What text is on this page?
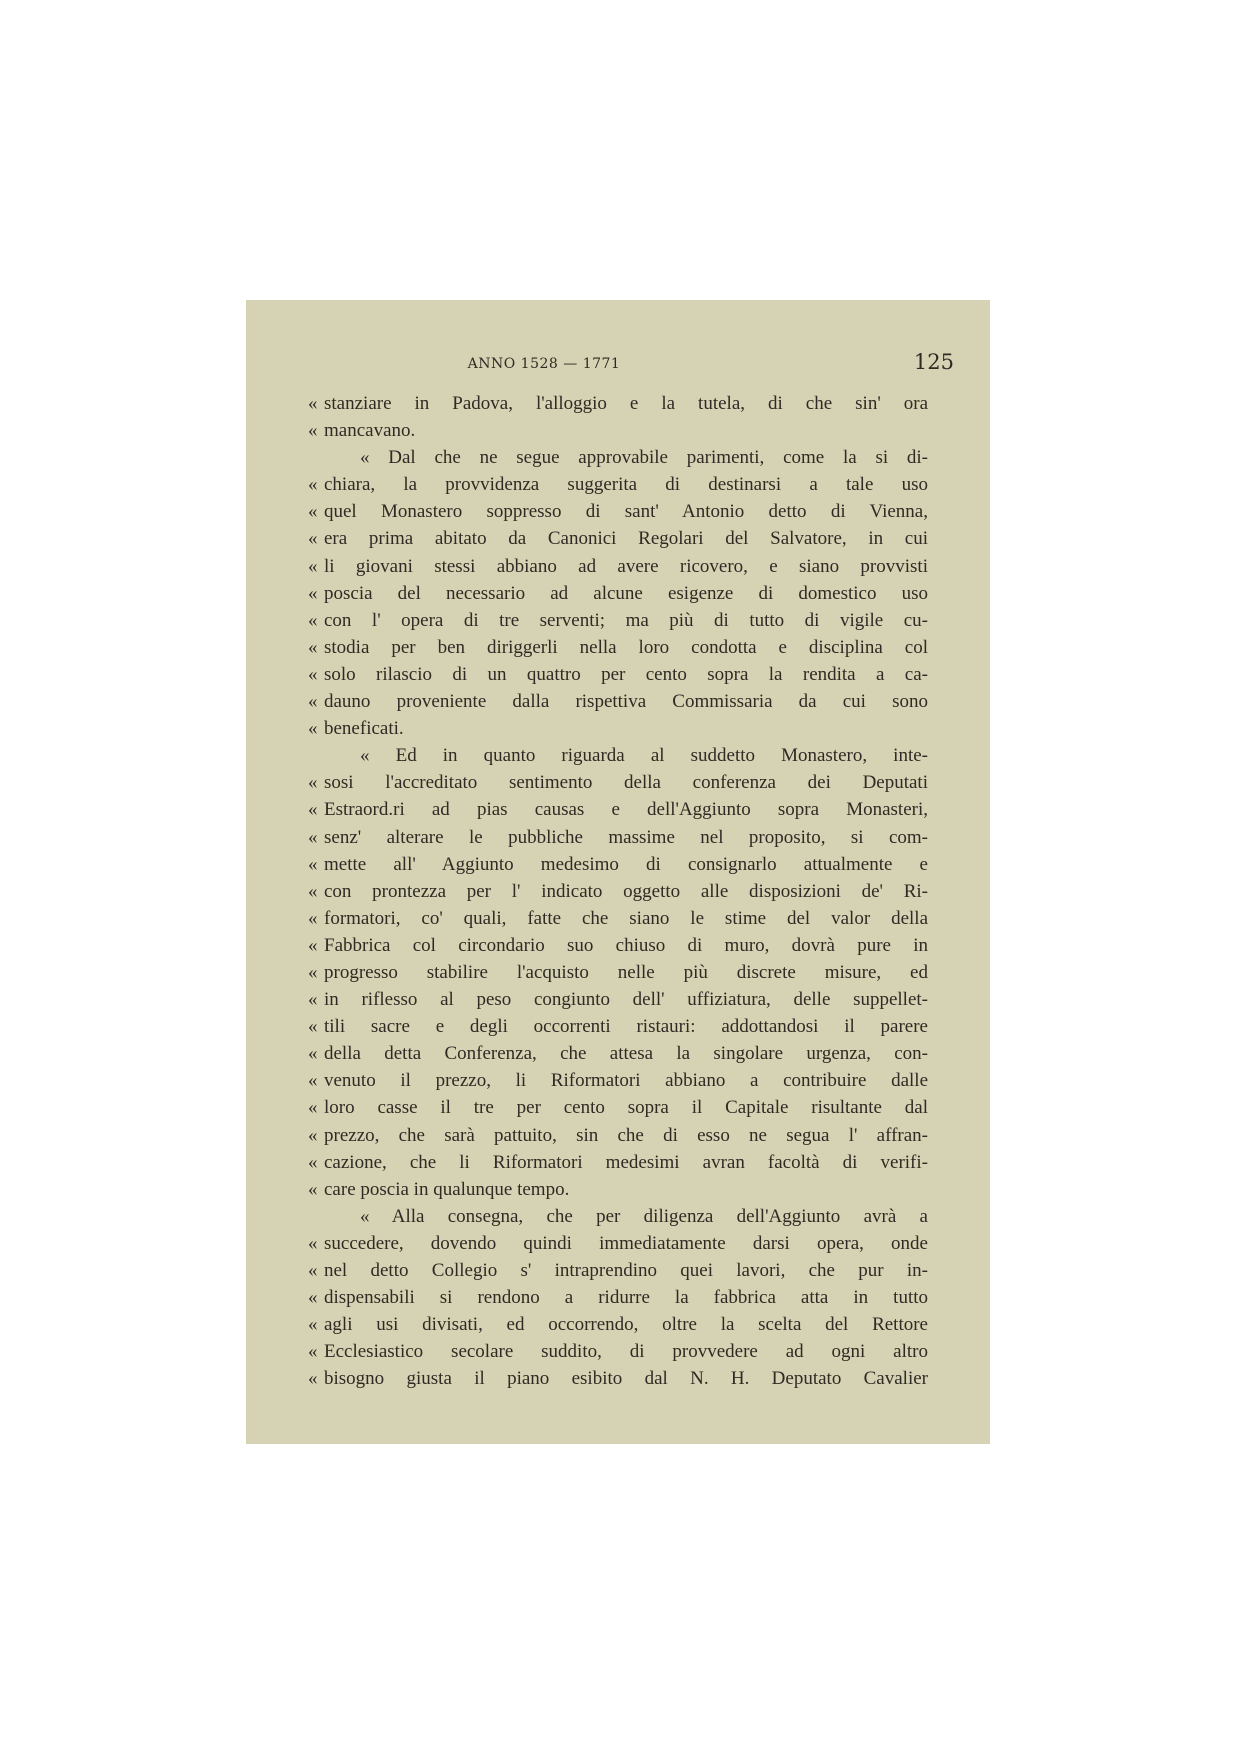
ANNO 1528 — 1771	125
« stanziare in Padova, l'alloggio e la tutela, di che sin' ora
« mancavano.
« Dal che ne segue approvabile parimenti, come la si di-
« chiara, la provvidenza suggerita di destinarsi a tale uso
« quel Monastero soppresso di sant' Antonio detto di Vienna,
« era prima abitato da Canonici Regolari del Salvatore, in cui
« li giovani stessi abbiano ad avere ricovero, e siano provvisti
« poscia del necessario ad alcune esigenze di domestico uso
« con l' opera di tre serventi; ma più di tutto di vigile cu-
« stodia per ben diriggerli nella loro condotta e disciplina col
« solo rilascio di un quattro per cento sopra la rendita a ca-
« dauno proveniente dalla rispettiva Commissaria da cui sono
« beneficati.
« Ed in quanto riguarda al suddetto Monastero, inte-
« sosi l'accreditato sentimento della conferenza dei Deputati
« Estraord.ri ad pias causas e dell'Aggiunto sopra Monasteri,
« senz' alterare le pubbliche massime nel proposito, si com-
« mette all' Aggiunto medesimo di consignarlo attualmente e
« con prontezza per l' indicato oggetto alle disposizioni de' Ri-
« formatori, co' quali, fatte che siano le stime del valor della
« Fabbrica col circondario suo chiuso di muro, dovrà pure in
« progresso stabilire l'acquisto nelle più discrete misure, ed
« in riflesso al peso congiunto dell' uffiziatura, delle suppellet-
« tili sacre e degli occorrenti ristauri: addottandosi il parere
« della detta Conferenza, che attesa la singolare urgenza, con-
« venuto il prezzo, li Riformatori abbiano a contribuire dalle
« loro casse il tre per cento sopra il Capitale risultante dal
« prezzo, che sarà pattuito, sin che di esso ne segua l' affran-
« cazione, che li Riformatori medesimi avran facoltà di verifi-
« care poscia in qualunque tempo.
« Alla consegna, che per diligenza dell'Aggiunto avrà a
« succedere, dovendo quindi immediatamente darsi opera, onde
« nel detto Collegio s' intraprendino quei lavori, che pur in-
« dispensabili si rendono a ridurre la fabbrica atta in tutto
« agli usi divisati, ed occorrendo, oltre la scelta del Rettore
« Ecclesiastico secolare suddito, di provvedere ad ogni altro
« bisogno giusta il piano esibito dal N. H. Deputato Cavalier
